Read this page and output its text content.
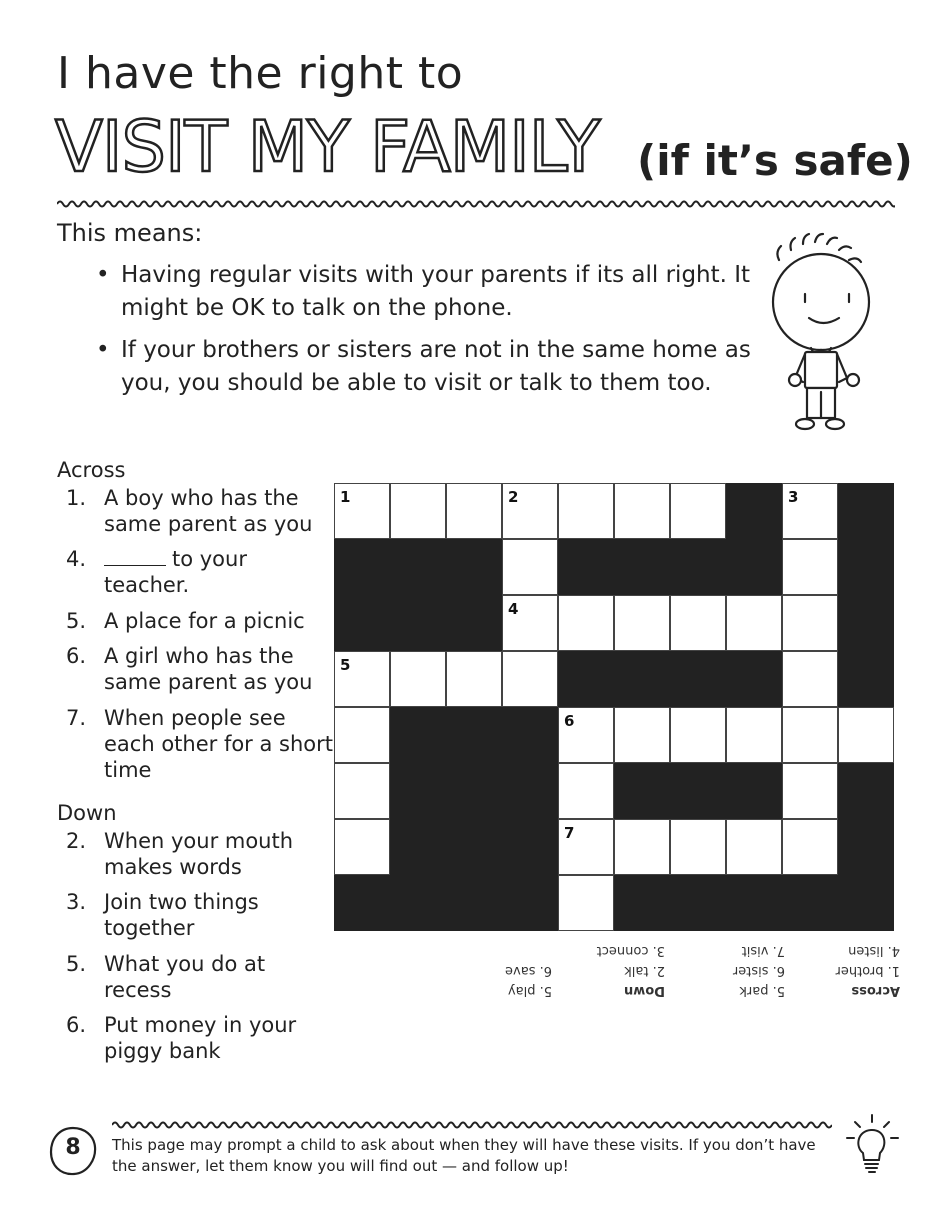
I have the right to
VISIT MY FAMILY (if it’s safe)
This means:
• Having regular visits with your parents if its all right. It might be OK to talk on the phone.
• If your brothers or sisters are not in the same home as you, you should be able to visit or talk to them too.
Across
1. A boy who has the same parent as you
4.	to your teacher.
5. A place for a picnic
6. A girl who has the same parent as you
7. When people see each other for a short time
Down
2. When your mouth makes words
3. Join two things together
5. What you do at recess
6. Put money in your piggy bank
1	2	3
4
5
6
7
Across
1. brother
4. listen
5. park
6. sister
7. visit
Down
2. talk
3. connect
5. play
6. save
8	This page may prompt a child to ask about when they will have these visits. If you don’t have the answer, let them know you will find out — and follow up!
